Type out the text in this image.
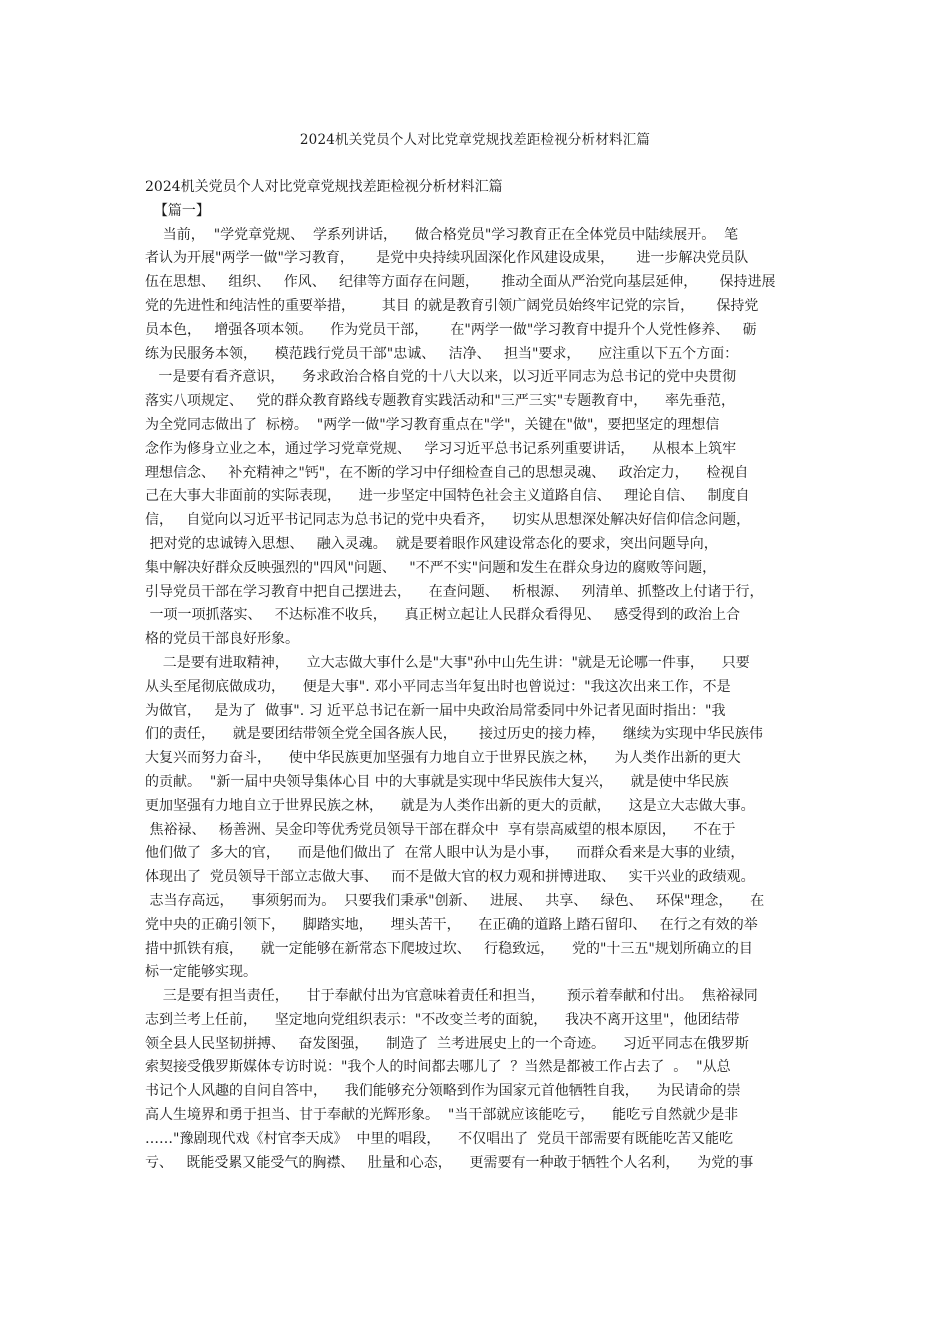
2024机关党员个人对比党章党规找差距检视分析材料汇篇
2024机关党员个人对比党章党规找差距检视分析材料汇篇
【篇一】
当前，  "学党章党规、  学系列讲话，    做合格党员"学习教育正在全体党员中陆续展开。  笔
者认为开展"两学一做"学习教育，     是党中央持续巩固深化作风建设成果，     进一步解决党员队
伍在思想、   组织、   作风、   纪律等方面存在问题，     推动全面从严治党向基层延伸，     保持进展
党的先进性和纯洁性的重要举措，      其目 的就是教育引领广阔党员始终牢记党的宗旨，     保持党
员本色，   增强各项本领。    作为党员干部，     在"两学一做"学习教育中提升个人党性修养、   砺
练为民服务本领，    模范践行党员干部"忠诚、   洁净、   担当"要求，    应注重以下五个方面：
一是要有看齐意识，    务求政治合格自党的十八大以来，以习近平同志为总书记的党中央贯彻
落实八项规定、   党的群众教育路线专题教育实践活动和"三严三实"专题教育中，    率先垂范，
为全党同志做出了  标榜。  "两学一做"学习教育重点在"学"，关键在"做"，要把坚定的理想信
念作为修身立业之本，通过学习党章党规、   学习习近平总书记系列重要讲话，    从根本上筑牢
理想信念、   补充精神之"钙"，在不断的学习中仔细检查自己的思想灵魂、   政治定力，    检视自
己在大事大非面前的实际表现，    进一步坚定中国特色社会主义道路自信、   理论自信、   制度自
信，   自觉向以习近平书记同志为总书记的党中央看齐，    切实从思想深处解决好信仰信念问题，
把对党的忠诚铸入思想、   融入灵魂。  就是要着眼作风建设常态化的要求，突出问题导向，
集中解决好群众反映强烈的"四风"问题、   "不严不实"问题和发生在群众身边的腐败等问题，
引导党员干部在学习教育中把自己摆进去，    在查问题、   析根源、   列清单、抓整改上付诸于行，
一项一项抓落实、   不达标准不收兵，    真正树立起让人民群众看得见、   感受得到的政治上合
格的党员干部良好形象。
二是要有进取精神，    立大志做大事什么是"大事"孙中山先生讲："就是无论哪一件事，    只要
从头至尾彻底做成功，    便是大事". 邓小平同志当年复出时也曾说过："我这次出来工作，不是
为做官，   是为了  做事". 习 近平总书记在新一届中央政治局常委同中外记者见面时指出："我
们的责任，    就是要团结带领全党全国各族人民，     接过历史的接力棒，    继续为实现中华民族伟
大复兴而努力奋斗，    使中华民族更加坚强有力地自立于世界民族之林，    为人类作出新的更大
的贡献。  "新一届中央领导集体心目 中的大事就是实现中华民族伟大复兴，    就是使中华民族
更加坚强有力地自立于世界民族之林，    就是为人类作出新的更大的贡献，    这是立大志做大事。
焦裕禄、   杨善洲、吴金印等优秀党员领导干部在群众中  享有崇高威望的根本原因，    不在于
他们做了  多大的官，    而是他们做出了  在常人眼中认为是小事，    而群众看来是大事的业绩，
体现出了  党员领导干部立志做大事、   而不是做大官的权力观和拼博进取、   实干兴业的政绩观。
志当存高远，    事须躬而为。  只要我们秉承"创新、   进展、   共享、   绿色、   环保"理念，    在
党中央的正确引领下，    脚踏实地，    埋头苦干，    在正确的道路上踏石留印、   在行之有效的举
措中抓铁有痕，    就一定能够在新常态下爬坡过坎、   行稳致远，    党的"十三五"规划所确立的目
标一定能够实现。
三是要有担当责任，    甘于奉献付出为官意味着责任和担当，     预示着奉献和付出。  焦裕禄同
志到兰考上任前，    坚定地向党组织表示："不改变兰考的面貌，    我决不离开这里"，他团结带
领全县人民坚韧拼搏、   奋发图强，    制造了  兰考进展史上的一个奇迹。    习近平同志在俄罗斯
索契接受俄罗斯媒体专访时说："我个人的时间都去哪儿了  ？当然是都被工作占去了  。  "从总
书记个人风趣的自问自答中，    我们能够充分领略到作为国家元首他牺牲自我，    为民请命的崇
高人生境界和勇于担当、甘于奉献的光辉形象。  "当干部就应该能吃亏，    能吃亏自然就少是非
……"豫剧现代戏《村官李天成》  中里的唱段，    不仅唱出了  党员干部需要有既能吃苦又能吃
亏、   既能受累又能受气的胸襟、   肚量和心态，    更需要有一种敢于牺牲个人名利，    为党的事
